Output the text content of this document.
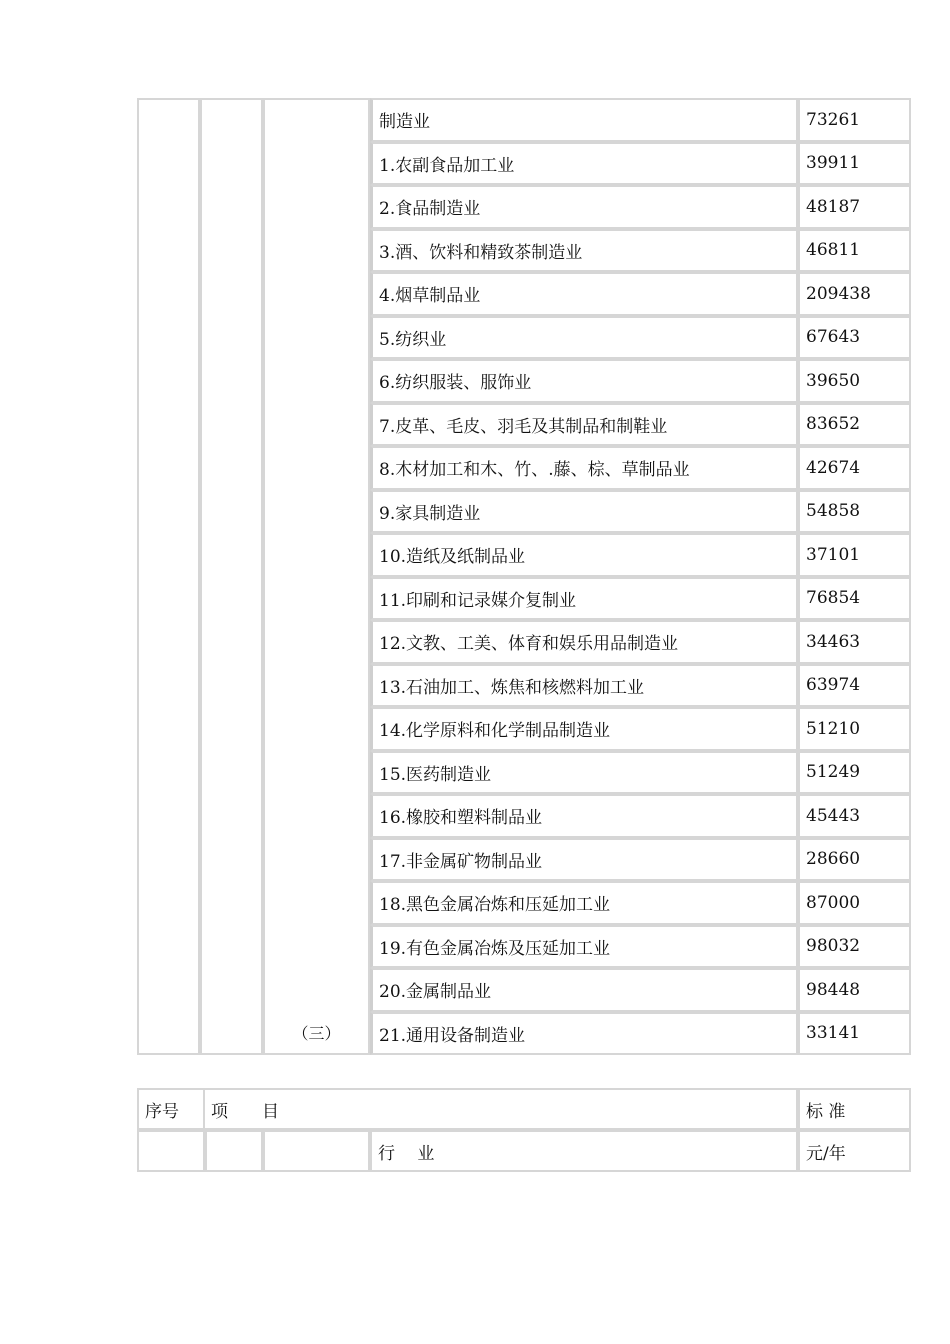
			制造业	73261
			1.农副食品加工业	39911
			2.食品制造业	48187
			3.酒、饮料和精致茶制造业	46811
			4.烟草制品业	209438
			5.纺织业	67643
			6.纺织服装、服饰业	39650
			7.皮革、毛皮、羽毛及其制品和制鞋业	83652
			8.木材加工和木、竹、.藤、棕、草制品业	42674
			9.家具制造业	54858
			10.造纸及纸制品业	37101
			11.印刷和记录媒介复制业	76854
			12.文教、工美、体育和娱乐用品制造业	34463
			13.石油加工、炼焦和核燃料加工业	63974
			14.化学原料和化学制品制造业	51210
			15.医药制造业	51249
			16.橡胶和塑料制品业	45443
			17.非金属矿物制品业	28660
			18.黑色金属冶炼和压延加工业	87000
			19.有色金属冶炼及压延加工业	98032
			20.金属制品业	98448
		（三）	21.通用设备制造业	33141
序号	项　　目			标 准
			行　 业	元/年
